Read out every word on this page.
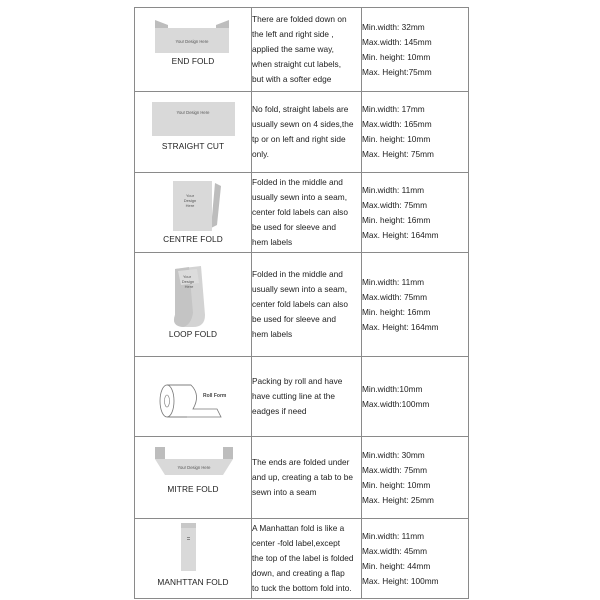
Your Design Here
END FOLD	There are folded down on
the left and right side ,
applied the same way,
when straight cut labels,
but with a softer edge	Min.width: 32mm
Max.width: 145mm
Min. height: 10mm
Max. Height:75mm

Your Design Here
STRAIGHT CUT	No fold, straight labels are
usually sewn on 4 sides,the
tp or on left and right side
only.	Min.width: 17mm
Max.width: 165mm
Min. height: 10mm
Max. Height: 75mm

Your
Design
Here
CENTRE FOLD	Folded in the middle and
usually sewn into a seam,
center fold labels can also
be used for sleeve and
hem labels	Min.width: 11mm
Max.width: 75mm
Min. height: 16mm
Max. Height: 164mm

Your
Design
Here
LOOP FOLD	Folded in the middle and
usually sewn into a seam,
center fold labels can also
be used for sleeve and
hem labels	Min.width: 11mm
Max.width: 75mm
Min. height: 16mm
Max. Height: 164mm

Roll Form	Packing by roll and have
have cutting line at the
eadges if need	Min.width:10mm
Max.width:100mm

Your Design Here
MITRE FOLD	The ends are folded under
and up, creating a tab to be
sewn into a seam	Min.width: 30mm
Max.width: 75mm
Min. height: 10mm
Max. Height: 25mm

MANHTTAN FOLD	A Manhattan fold is like a
center -fold label,except
the top of the label is folded
down, and creating a flap
to tuck the bottom fold into.	Min.width: 11mm
Max.width: 45mm
Min. height: 44mm
Max. Height: 100mm
